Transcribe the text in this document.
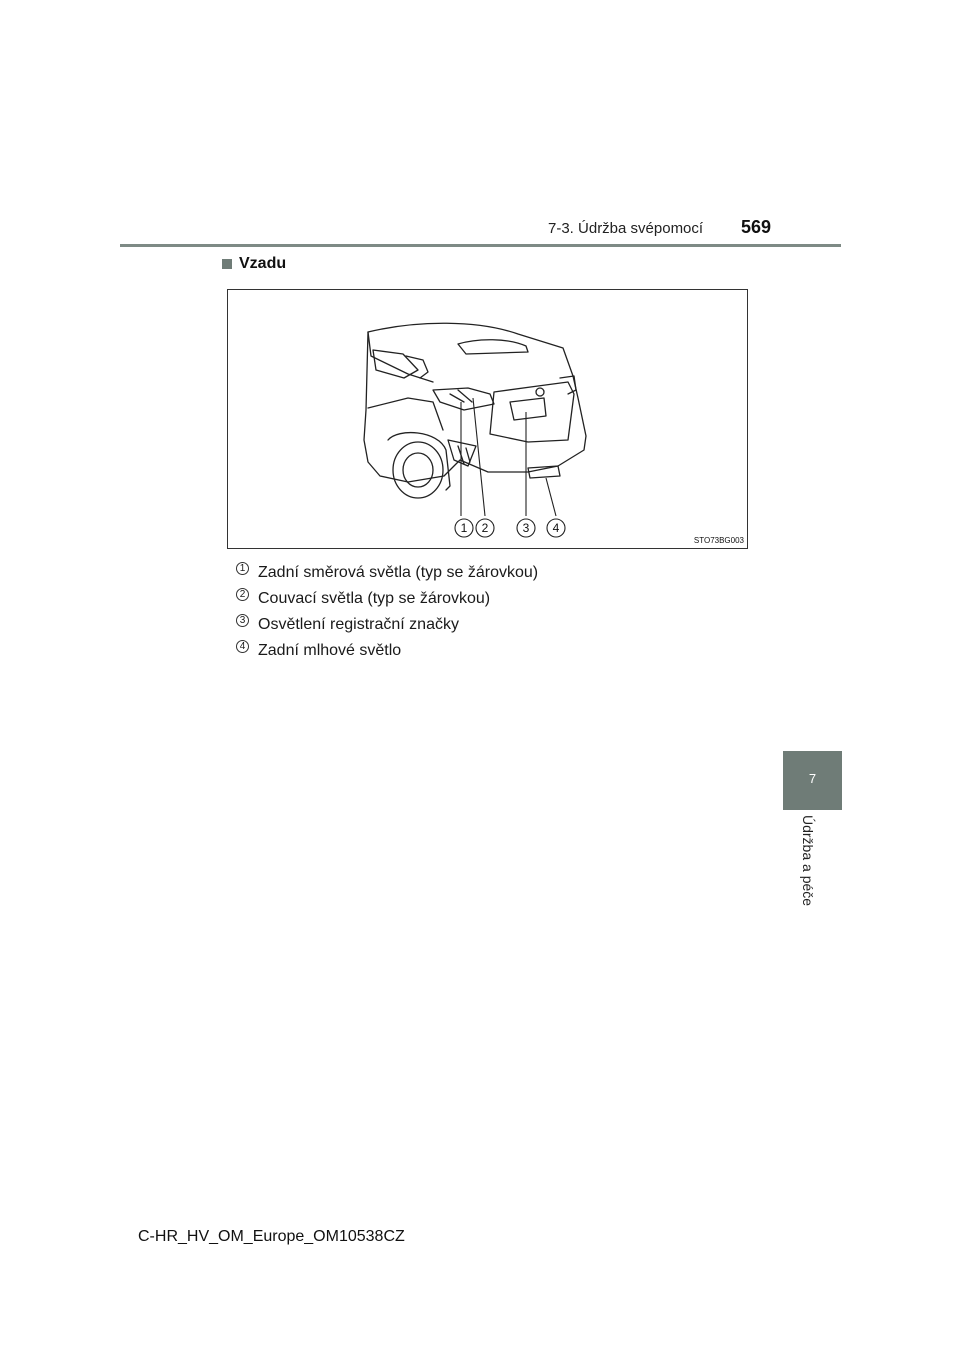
7-3. Údržba svépomocí 569
7
Údržba a péče
Vzadu
1 2	3 4
STO73BG003
1 Zadní směrová světla (typ se žárovkou)
2 Couvací světla (typ se žárovkou)
3 Osvětlení registrační značky
4 Zadní mlhové světlo
C-HR_HV_OM_Europe_OM10538CZ
